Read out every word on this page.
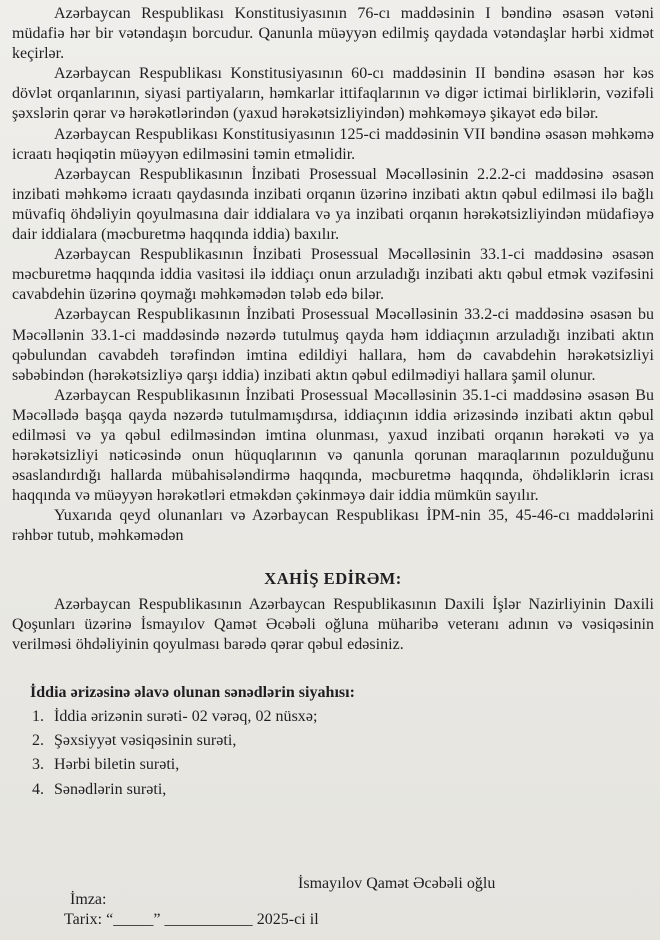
Azərbaycan Respublikası Konstitusiyasının 76-cı maddəsinin I bəndinə əsasən vətəni müdafiə hər bir vətəndaşın borcudur. Qanunla müəyyən edilmiş qaydada vətəndaşlar hərbi xidmət keçirlər.

Azərbaycan Respublikası Konstitusiyasının 60-cı maddəsinin II bəndinə əsasən hər kəs dövlət orqanlarının, siyasi partiyaların, həmkarlar ittifaqlarının və digər ictimai birliklərin, vəzifəli şəxslərin qərar və hərəkətlərindən (yaxud hərəkətsizliyindən) məhkəməyə şikayət edə bilər.

Azərbaycan Respublikası Konstitusiyasının 125-ci maddəsinin VII bəndinə əsasən məhkəmə icraatı həqiqətin müəyyən edilməsini təmin etməlidir.

Azərbaycan Respublikasının İnzibati Prosessual Məcəlləsinin 2.2.2-ci maddəsinə əsasən inzibati məhkəmə icraatı qaydasında inzibati orqanın üzərinə inzibati aktın qəbul edilməsi ilə bağlı müvafiq öhdəliyin qoyulmasına dair iddialara və ya inzibati orqanın hərəkətsizliyindən müdafiəyə dair iddialara (məcburetmə haqqında iddia) baxılır.

Azərbaycan Respublikasının İnzibati Prosessual Məcəlləsinin 33.1-ci maddəsinə əsasən məcburetmə haqqında iddia vasitəsi ilə iddiaçı onun arzuladığı inzibati aktı qəbul etmək vəzifəsini cavabdehin üzərinə qoymağı məhkəmədən tələb edə bilər.

Azərbaycan Respublikasının İnzibati Prosessual Məcəlləsinin 33.2-ci maddəsinə əsasən bu Məcəllənin 33.1-ci maddəsində nəzərdə tutulmuş qayda həm iddiaçının arzuladığı inzibati aktın qəbulundan cavabdeh tərəfindən imtina edildiyi hallara, həm də cavabdehin hərəkətsizliyi səbəbindən (hərəkətsizliyə qarşı iddia) inzibati aktın qəbul edilmədiyi hallara şamil olunur.

Azərbaycan Respublikasının İnzibati Prosessual Məcəlləsinin 35.1-ci maddəsinə əsasən Bu Məcəllədə başqa qayda nəzərdə tutulmamışdırsa, iddiaçının iddia ərizəsində inzibati aktın qəbul edilməsi və ya qəbul edilməsindən imtina olunması, yaxud inzibati orqanın hərəkəti və ya hərəkətsizliyi nəticəsində onun hüquqlarının və qanunla qorunan maraqlarının pozulduğunu əsaslandırdığı hallarda mübahisələndirmə haqqında, məcburetmə haqqında, öhdəliklərin icrası haqqında və müəyyən hərəkətləri etməkdən çəkinməyə dair iddia mümkün sayılır.

Yuxarıda qeyd olunanları və Azərbaycan Respublikası İPM-nin 35, 45-46-cı maddələrini rəhbər tutub, məhkəmədən

XAHİŞ EDİRƏM:

Azərbaycan Respublikasının Azərbaycan Respublikasının Daxili İşlər Nazirliyinin Daxili Qoşunları üzərinə İsmayılov Qamət Əcəbəli oğluna müharibə veteranı adının və vəsiqəsinin verilməsi öhdəliyinin qoyulması barədə qərar qəbul edəsiniz.

İddia ərizəsinə əlavə olunan sənədlərin siyahısı:
1. İddia ərizənin surəti- 02 vərəq, 02 nüsxə;
2. Şəxsiyyət vəsiqəsinin surəti,
3. Hərbi biletin surəti,
4. Sənədlərin surəti,
İsmayılov Qamət Əcəbəli oğlu
İmza:
Tarix: “_____” ___________ 2025-ci il
